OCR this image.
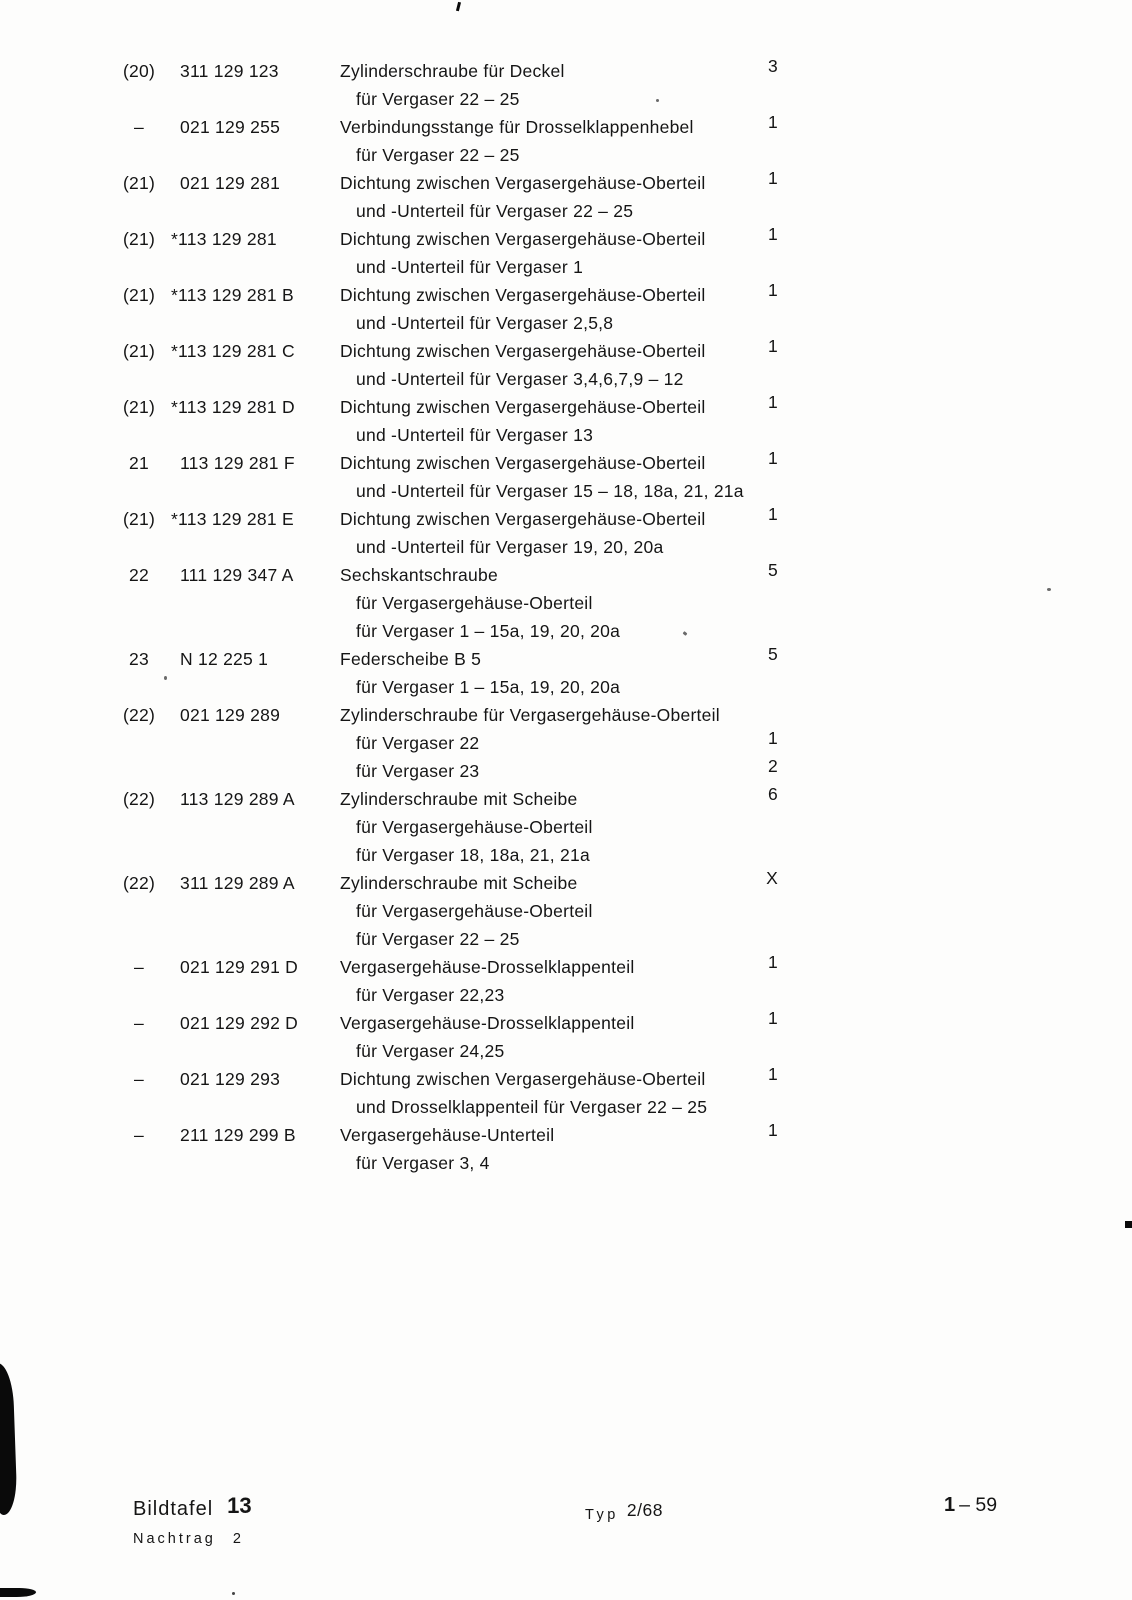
(20)	311 129 123	Zylinderschraube für Deckel	3
für Vergaser 22 – 25
–	021 129 255	Verbindungsstange für Drosselklappenhebel	1
für Vergaser 22 – 25
(21)	021 129 281	Dichtung zwischen Vergasergehäuse-Oberteil	1
und -Unterteil für Vergaser 22 – 25
(21) *113 129 281	Dichtung zwischen Vergasergehäuse-Oberteil	1
und -Unterteil für Vergaser 1
(21) *113 129 281 B	Dichtung zwischen Vergasergehäuse-Oberteil	1
und -Unterteil für Vergaser 2,5,8
(21) *113 129 281 C	Dichtung zwischen Vergasergehäuse-Oberteil	1
und -Unterteil für Vergaser 3,4,6,7,9 – 12
(21) *113 129 281 D	Dichtung zwischen Vergasergehäuse-Oberteil	1
und -Unterteil für Vergaser 13
21	113 129 281 F	Dichtung zwischen Vergasergehäuse-Oberteil	1
und -Unterteil für Vergaser 15 – 18, 18a, 21, 21a
(21) *113 129 281 E	Dichtung zwischen Vergasergehäuse-Oberteil	1
und -Unterteil für Vergaser 19, 20, 20a
22	111 129 347 A	Sechskantschraube	5
für Vergasergehäuse-Oberteil
für Vergaser 1 – 15a, 19, 20, 20a
23	N 12 225 1	Federscheibe B 5	5
für Vergaser 1 – 15a, 19, 20, 20a
(22)	021 129 289	Zylinderschraube für Vergasergehäuse-Oberteil
für Vergaser 22	1
für Vergaser 23	2
(22)	113 129 289 A	Zylinderschraube mit Scheibe	6
für Vergasergehäuse-Oberteil
für Vergaser 18, 18a, 21, 21a
(22)	311 129 289 A	Zylinderschraube mit Scheibe	X
für Vergasergehäuse-Oberteil
für Vergaser 22 – 25
–	021 129 291 D Vergasergehäuse-Drosselklappenteil	1
für Vergaser 22,23
–	021 129 292 D Vergasergehäuse-Drosselklappenteil	1
für Vergaser 24,25
–	021 129 293	Dichtung zwischen Vergasergehäuse-Oberteil	1
und Drosselklappenteil für Vergaser 22 – 25
–	211 129 299 B	Vergasergehäuse-Unterteil	1
für Vergaser 3, 4
Bildtafel 13
Nachtrag 2
Typ 2/68	1 – 59
